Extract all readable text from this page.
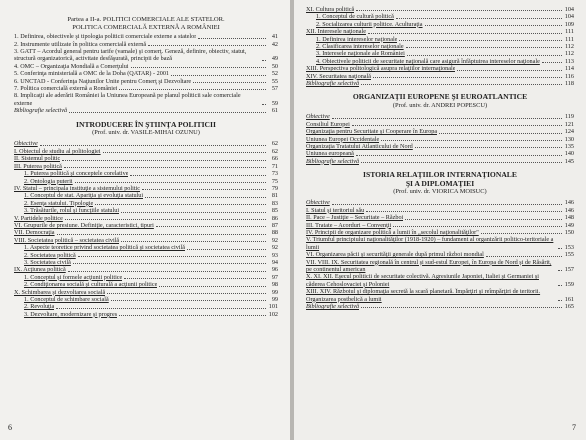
Partea a II-a. POLITICI COMERCIALE ALE STATELOR.
POLITICA COMERCIALĂ EXTERNĂ A ROMÂNIEI
1. Definirea, obiectivele şi tipologia politicii comerciale externe a statelor	41
2. Instrumente utilizate în politica comercială externă	42
3. GATT – Acordul general pentru tarife (vamale) şi comerţ. Geneză, definire, obiectiv, statut, structură organizatorică, activitate desfăşurată, principii de bază	49
4. OMC – Organizaţia Mondială a Comerţului	50
5. Conferinţa ministerială a OMC de la Doha (QATAR) - 2001	52
6. UNCTAD - Conferinţa Naţiunilor Unite pentru Comerţ şi Dezvoltare	55
7. Politica comercială externă a României	57
8. Implicaţii ale aderării României la Uniunea Europeană pe planul politicii sale comerciale externe	59
Bibliografie selectivă	61
INTRODUCERE ÎN ŞTIINŢA POLITICII
(Prof. univ. dr. VASILE-MIHAI OZUNU)
Obiective	62
I. Obiectul de studiu al politologiei	62
II. Sistemul politic	66
III. Puterea politică	71
1. Puterea politică şi conceptele corelative	73
2. Ontologia puterii	75
IV. Statul – principala instituţie a sistemului politic	79
1. Conceptul de stat. Apariţia şi evoluţia statului	81
2. Esenţa statului. Tipologie	83
3. Trăsăturile, rolul şi funcţiile statului	85
V. Partidele politice	86
VI. Grupurile de presiune. Definiţie, caracteristici, tipuri	87
VII. Democraţia	88
VIII. Societatea politică – societatea civilă	92
1. Aspecte teoretice privind societatea politică şi societatea civilă	92
2. Societatea politică	93
3. Societatea civilă	94
IX. Acţiunea politică	96
1. Conceptul şi formele acţiunii politice	97
2. Condiţionarea socială şi culturală a acţiunii politice	98
X. Schimbarea şi dezvoltarea socială	99
1. Conceptul de schimbare socială	99
2. Revoluţia	101
3. Dezvoltare, modernizare şi progres	102
6
XI. Cultura politică	104
1. Conceptul de cultură politică	104
2. Socializarea culturii politice. Aculturaţia	109
XII. Interesele naţionale	111
1. Definirea intereselor naţionale	111
2. Clasificarea intereselor naţionale	112
3. Interesele naţionale ale României	112
4. Obiectivele politicii de securitate naţională care asigură înfăptuirea intereselor naţionale	113
XIII. Perspectiva politologică asupra relaţiilor internaţionale	114
XIV. Securitatea naţională	116
Bibliografie selectivă	118
ORGANIZAŢII EUROPENE ŞI EUROATLANTICE
(Prof. univ. dr. ANDREI POPESCU)
Obiective	119
Consiliul Europei	121
Organizaţia pentru Securitate şi Cooperare în Europa	124
Uniunea Europei Occidentale	130
Organizaţia Tratatului Atlanticului de Nord	135
Uniunea europeană	140
Bibliografie selectivă	145
ISTORIA RELAŢIILOR INTERNAŢIONALE
ŞI A DIPLOMAŢIEI
(Prof. univ. dr. VIORICA MOISUC)
Obiective	146
I. Statul şi teritoriul său	146
II. Pace – Justiţie – Securitate – Război	148
III. Tratate – Acorduri – Convenţii	149
IV. Principii de organizare politică a lumii în „secolul naţionalităţilor"	150
V. Triumful principiului naţionalităţilor (1918-1920) – fundament al organizării politico-teritoriale a lumii	153
VI. Organizarea păcii şi securităţii generale după primul război mondial	155
VII. VIII. IX. Securitatea regională în centrul şi sud-estul Europei, în Europa de Nord şi de Răsărit, pe continentul american	157
X. XI. XII. Eşecul politicii de securitate colectivă. Agresiunile Japoniei, Italiei şi Germaniei şi căderea Cehoslovaciei şi Poloniei	159
XIII. XIV. Războiul şi diplomaţia secretă la scară planetară. Împărţiri şi reîmpărţiri de teritorii. Organizarea postbelică a lumii	161
Bibliografie selectivă	165
7
